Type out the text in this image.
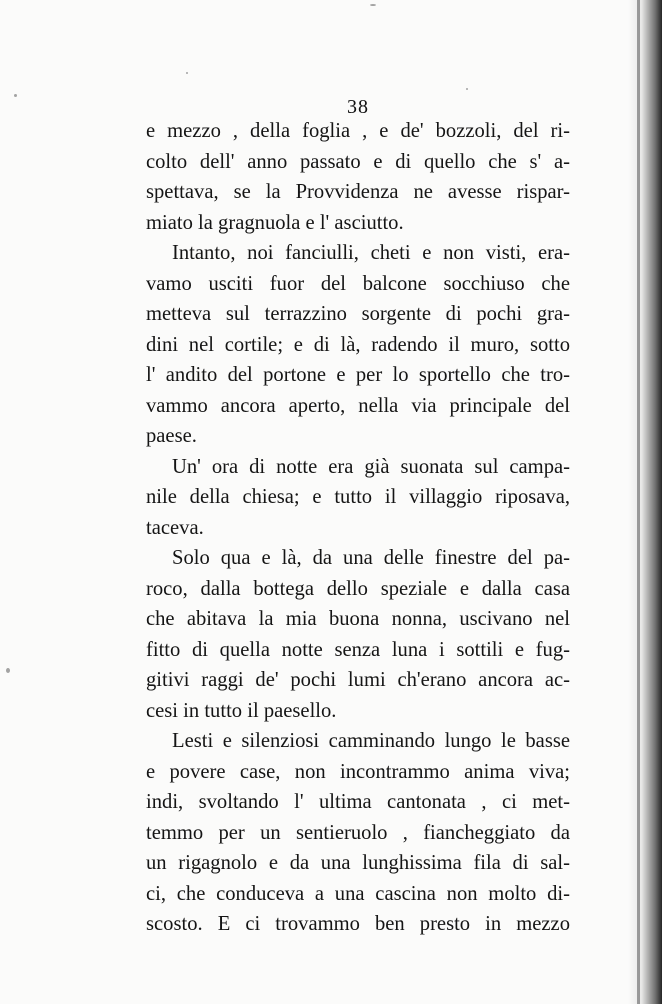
38
e mezzo , della foglia , e de' bozzoli, del ri-
colto dell' anno passato e di quello che s' a-
spettava, se la Provvidenza ne avesse rispar-
miato la gragnuola e l' asciutto.
Intanto, noi fanciulli, cheti e non visti, era-
vamo usciti fuor del balcone socchiuso che
metteva sul terrazzino sorgente di pochi gra-
dini nel cortile; e di là, radendo il muro, sotto
l' andito del portone e per lo sportello che tro-
vammo ancora aperto, nella via principale del
paese.
Un' ora di notte era già suonata sul campa-
nile della chiesa; e tutto il villaggio riposava,
taceva.
Solo qua e là, da una delle finestre del pa-
roco, dalla bottega dello speziale e dalla casa
che abitava la mia buona nonna, uscivano nel
fitto di quella notte senza luna i sottili e fug-
gitivi raggi de' pochi lumi ch'erano ancora ac-
cesi in tutto il paesello.
Lesti e silenziosi camminando lungo le basse
e povere case, non incontrammo anima viva;
indi, svoltando l' ultima cantonata , ci met-
temmo per un sentieruolo , fiancheggiato da
un rigagnolo e da una lunghissima fila di sal-
ci, che conduceva a una cascina non molto di-
scosto. E ci trovammo ben presto in mezzo
